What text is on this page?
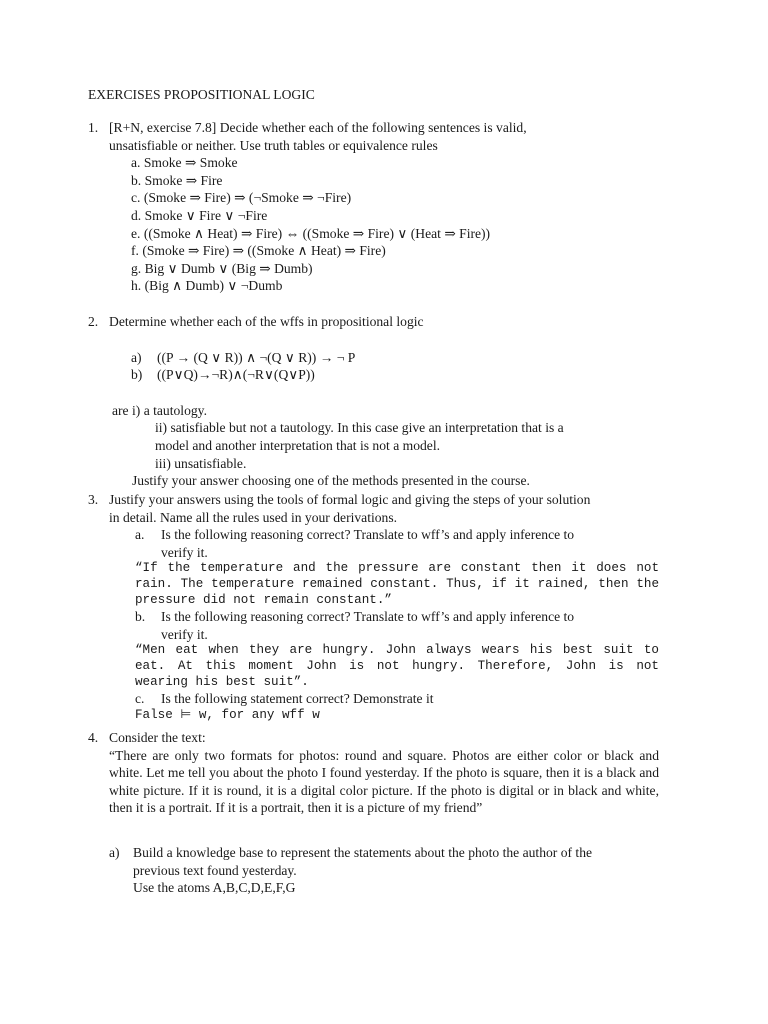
EXERCISES PROPOSITIONAL LOGIC
1. [R+N, exercise 7.8] Decide whether each of the following sentences is valid,
unsatisfiable or neither. Use truth tables or equivalence rules
a. Smoke ⇒ Smoke
b. Smoke ⇒ Fire
c. (Smoke ⇒ Fire) ⇒ (¬Smoke ⇒ ¬Fire)
d. Smoke ∨ Fire ∨ ¬Fire
e. ((Smoke ∧ Heat) ⇒ Fire) ⇔ ((Smoke ⇒ Fire) ∨ (Heat ⇒ Fire))
f. (Smoke ⇒ Fire) ⇒ ((Smoke ∧ Heat) ⇒ Fire)
g. Big ∨ Dumb ∨ (Big ⇒ Dumb)
h. (Big ∧ Dumb) ∨ ¬Dumb
2. Determine whether each of the wffs in propositional logic
a) ((P → (Q ∨ R)) ∧ ¬(Q ∨ R)) → ¬ P
b) ((P∨Q)→¬R)∧(¬R∨(Q∨P))
are i) a tautology.
ii) satisfiable but not a tautology. In this case give an interpretation that is a
model and another interpretation that is not a model.
iii) unsatisfiable.
Justify your answer choosing one of the methods presented in the course.
3. Justify your answers using the tools of formal logic and giving the steps of your solution
in detail. Name all the rules used in your derivations.
a. Is the following reasoning correct? Translate to wff’s and apply inference to
verify it.
“If the temperature and the pressure are constant then it does not rain. The temperature remained constant. Thus, if it rained, then the pressure did not remain constant.”
b. Is the following reasoning correct? Translate to wff’s and apply inference to
verify it.
“Men eat when they are hungry. John always wears his best suit to eat. At this moment John is not hungry. Therefore, John is not wearing his best suit”.
c. Is the following statement correct? Demonstrate it
False ⊨ w, for any wff w
4. Consider the text:
“There are only two formats for photos: round and square. Photos are either color or black and white. Let me tell you about the photo I found yesterday. If the photo is square, then it is a black and white picture. If it is round, it is a digital color picture. If the photo is digital or in black and white, then it is a portrait. If it is a portrait, then it is a picture of my friend”
a) Build a knowledge base to represent the statements about the photo the author of the
previous text found yesterday.
Use the atoms A,B,C,D,E,F,G
